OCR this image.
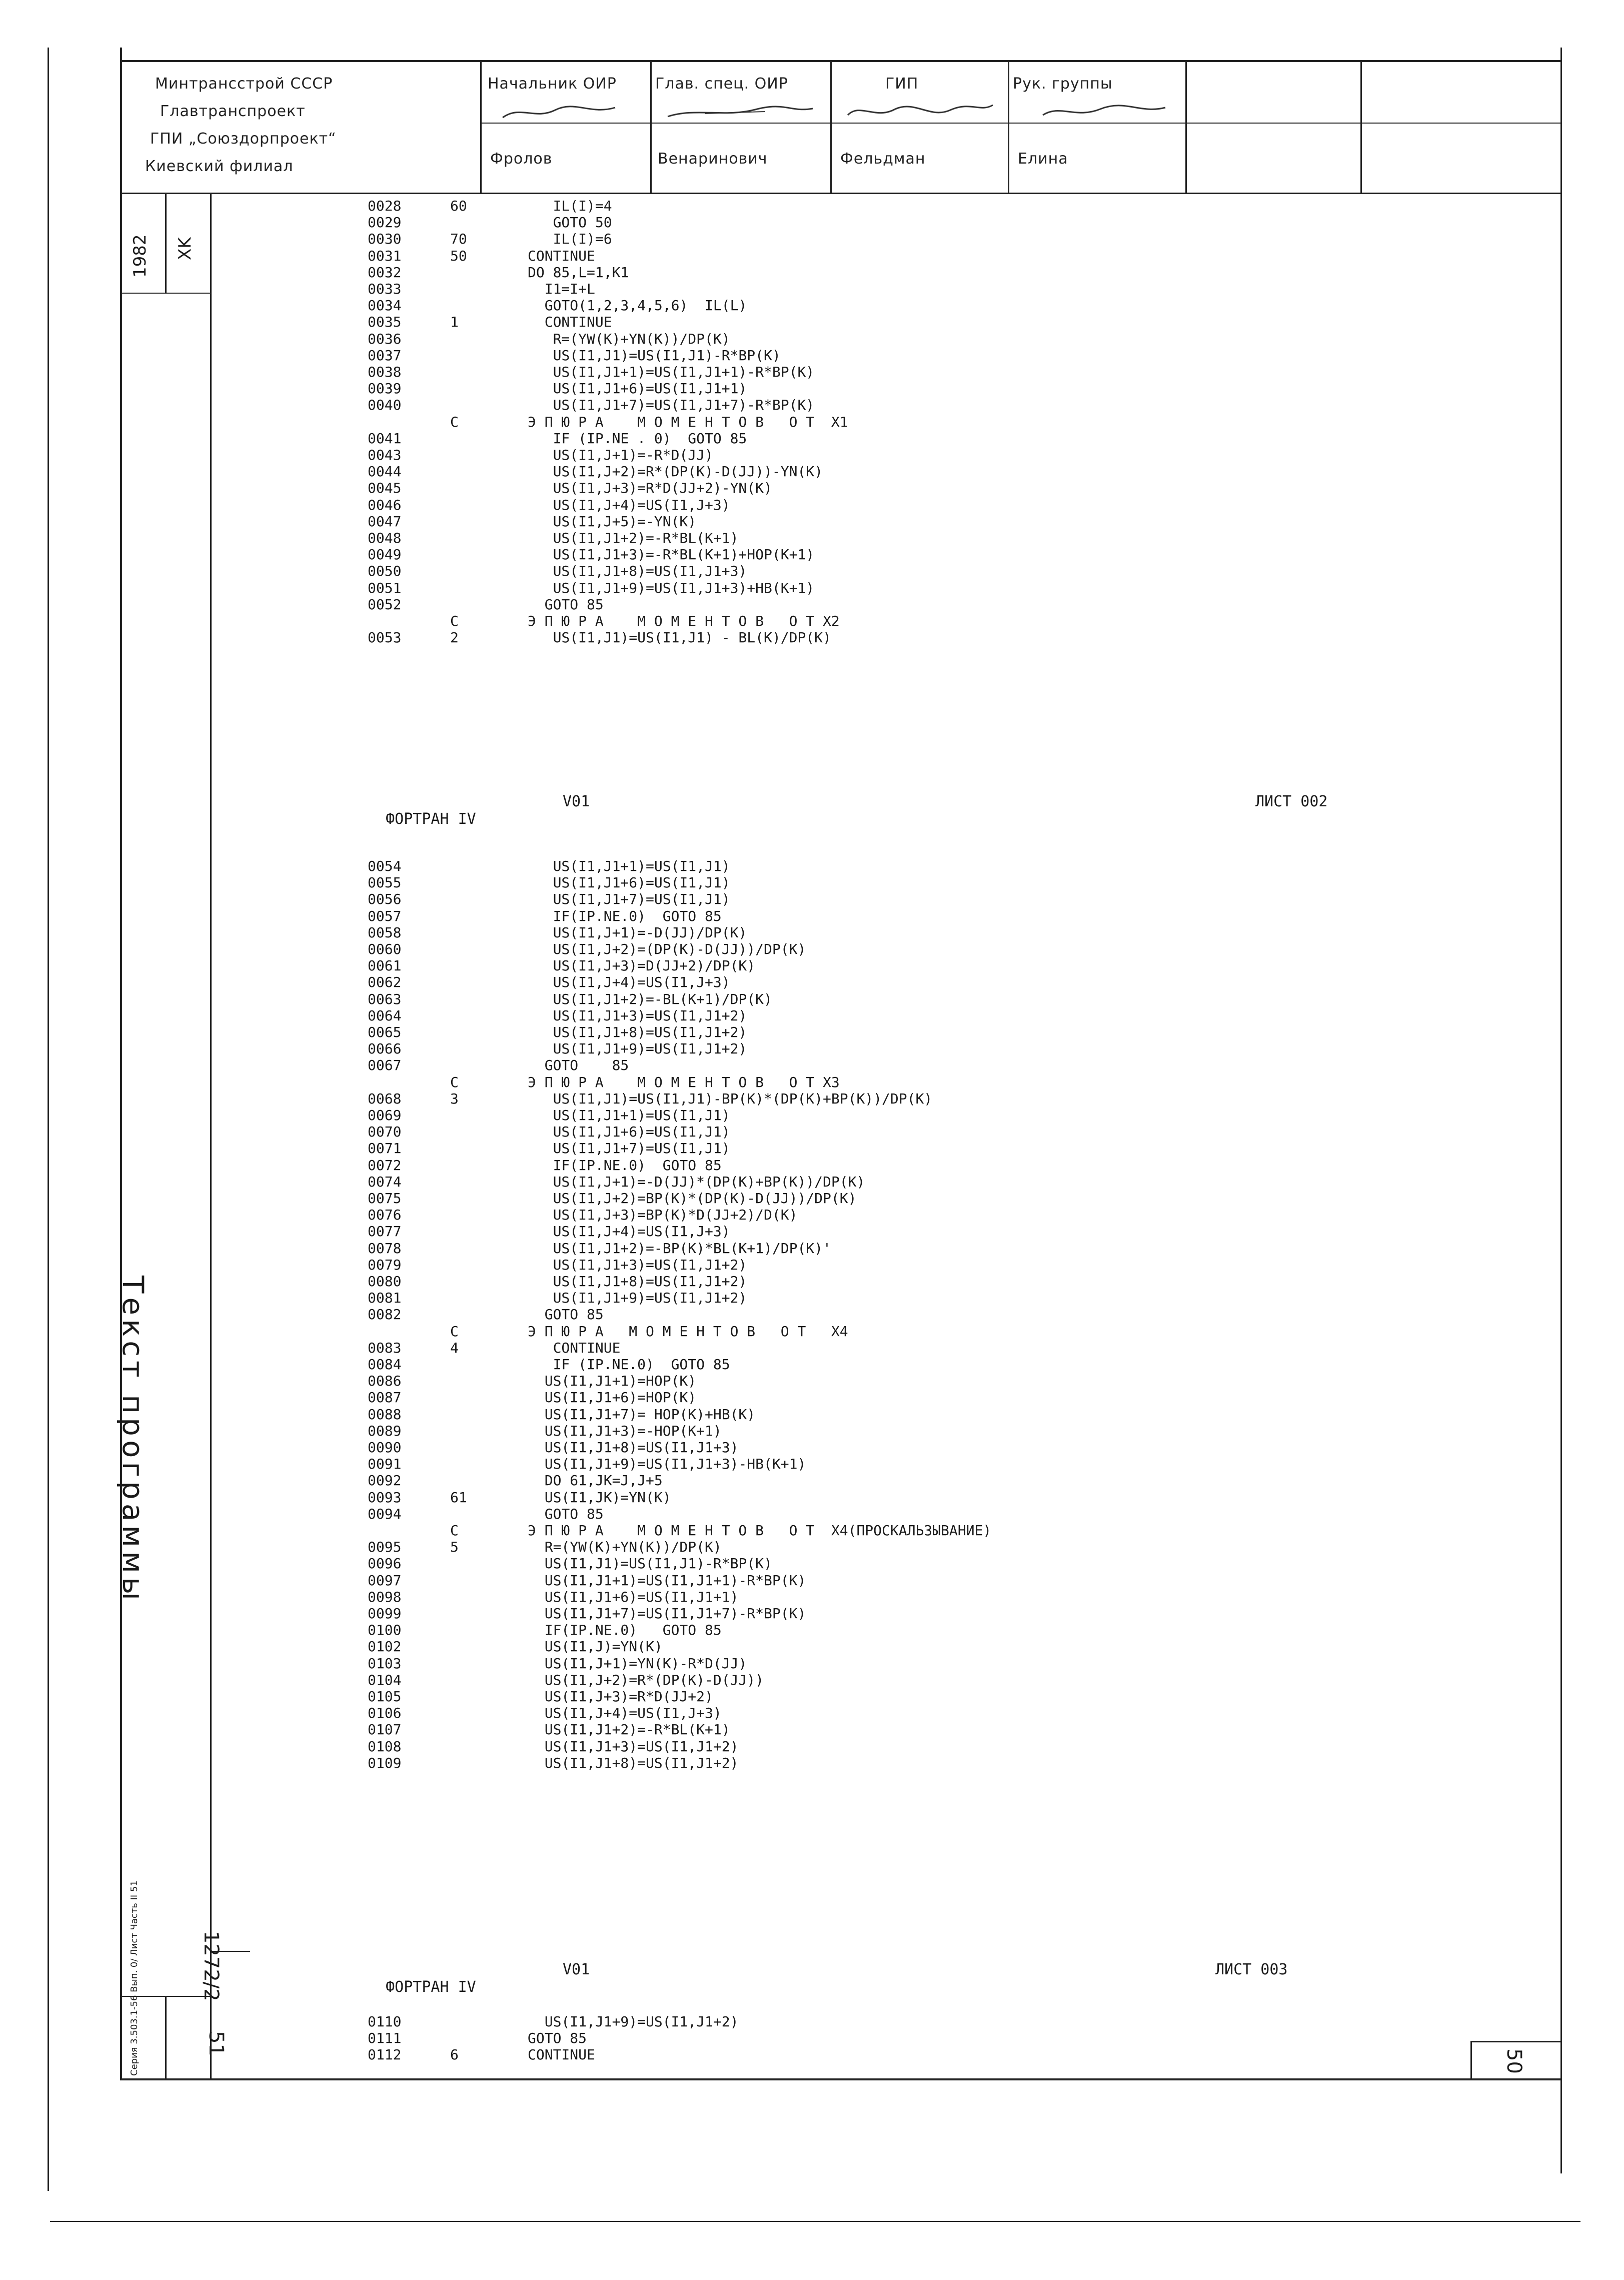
Минтрансстрой СССР
Главтранспроект
ГПИ „Союздорпроект“
Киевский филиал
Начальник ОИР	Глав. спец. ОИР	ГИП	Рук. группы
Фролов	Венаринович	Фельдман	Елина
1982 XK
Текст программы
1272/2
51
Серия 3.503.1-56 Вып. 0/ Лист Часть II 51	50

ФОРТРАН IV

V01	ЛИСТ 002

ФОРТРАН IV

V01	ЛИСТ 003
0028	60	IL(I)=4
0029	GOTO 50
0030	70	IL(I)=6
0031	50	CONTINUE
0032	DO 85,L=1,K1
0033	I1=I+L
0034	GOTO(1,2,3,4,5,6)  IL(L)
0035	1	CONTINUE
0036	R=(YW(K)+YN(K))/DP(K)
0037	US(I1,J1)=US(I1,J1)-R*BP(K)
0038	US(I1,J1+1)=US(I1,J1+1)-R*BP(K)
0039	US(I1,J1+6)=US(I1,J1+1)
0040	US(I1,J1+7)=US(I1,J1+7)-R*BP(K)
C	Э П Ю Р А    М О М Е Н Т О В   О Т  X1
0041	IF (IP.NE . 0)  GOTO 85
0043	US(I1,J+1)=-R*D(JJ)
0044	US(I1,J+2)=R*(DP(K)-D(JJ))-YN(K)
0045	US(I1,J+3)=R*D(JJ+2)-YN(K)
0046	US(I1,J+4)=US(I1,J+3)
0047	US(I1,J+5)=-YN(K)
0048	US(I1,J1+2)=-R*BL(K+1)
0049	US(I1,J1+3)=-R*BL(K+1)+HOP(K+1)
0050	US(I1,J1+8)=US(I1,J1+3)
0051	US(I1,J1+9)=US(I1,J1+3)+HB(K+1)
0052	GOTO 85
C	Э П Ю Р А    М О М Е Н Т О В   О Т X2
0053	2	US(I1,J1)=US(I1,J1) - BL(K)/DP(K)
0054	US(I1,J1+1)=US(I1,J1)
0055	US(I1,J1+6)=US(I1,J1)
0056	US(I1,J1+7)=US(I1,J1)
0057	IF(IP.NE.0)  GOTO 85
0058	US(I1,J+1)=-D(JJ)/DP(K)
0060	US(I1,J+2)=(DP(K)-D(JJ))/DP(K)
0061	US(I1,J+3)=D(JJ+2)/DP(K)
0062	US(I1,J+4)=US(I1,J+3)
0063	US(I1,J1+2)=-BL(K+1)/DP(K)
0064	US(I1,J1+3)=US(I1,J1+2)
0065	US(I1,J1+8)=US(I1,J1+2)
0066	US(I1,J1+9)=US(I1,J1+2)
0067	GOTO    85
C	Э П Ю Р А    М О М Е Н Т О В   О Т X3
0068	3	US(I1,J1)=US(I1,J1)-BP(K)*(DP(K)+BP(K))/DP(K)
0069	US(I1,J1+1)=US(I1,J1)
0070	US(I1,J1+6)=US(I1,J1)
0071	US(I1,J1+7)=US(I1,J1)
0072	IF(IP.NE.0)  GOTO 85
0074	US(I1,J+1)=-D(JJ)*(DP(K)+BP(K))/DP(K)
0075	US(I1,J+2)=BP(K)*(DP(K)-D(JJ))/DP(K)
0076	US(I1,J+3)=BP(K)*D(JJ+2)/D(K)
0077	US(I1,J+4)=US(I1,J+3)
0078	US(I1,J1+2)=-BP(K)*BL(K+1)/DP(K)'
0079	US(I1,J1+3)=US(I1,J1+2)
0080	US(I1,J1+8)=US(I1,J1+2)
0081	US(I1,J1+9)=US(I1,J1+2)
0082	GOTO 85
C	Э П Ю Р А   М О М Е Н Т О В   О Т   X4
0083	4	CONTINUE
0084	IF (IP.NE.0)  GOTO 85
0086	US(I1,J1+1)=HOP(K)
0087	US(I1,J1+6)=HOP(K)
0088	US(I1,J1+7)= HOP(K)+HB(K)
0089	US(I1,J1+3)=-HOP(K+1)
0090	US(I1,J1+8)=US(I1,J1+3)
0091	US(I1,J1+9)=US(I1,J1+3)-HB(K+1)
0092	DO 61,JK=J,J+5
0093	61	US(I1,JK)=YN(K)
0094	GOTO 85
C	Э П Ю Р А    М О М Е Н Т О В   О Т  X4(ПРОСКАЛЬЗЫВАНИЕ)
0095	5	R=(YW(K)+YN(K))/DP(K)
0096	US(I1,J1)=US(I1,J1)-R*BP(K)
0097	US(I1,J1+1)=US(I1,J1+1)-R*BP(K)
0098	US(I1,J1+6)=US(I1,J1+1)
0099	US(I1,J1+7)=US(I1,J1+7)-R*BP(K)
0100	IF(IP.NE.0)   GOTO 85
0102	US(I1,J)=YN(K)
0103	US(I1,J+1)=YN(K)-R*D(JJ)
0104	US(I1,J+2)=R*(DP(K)-D(JJ))
0105	US(I1,J+3)=R*D(JJ+2)
0106	US(I1,J+4)=US(I1,J+3)
0107	US(I1,J1+2)=-R*BL(K+1)
0108	US(I1,J1+3)=US(I1,J1+2)
0109	US(I1,J1+8)=US(I1,J1+2)
0110	US(I1,J1+9)=US(I1,J1+2)
0111	GOTO 85
0112	6	CONTINUE
